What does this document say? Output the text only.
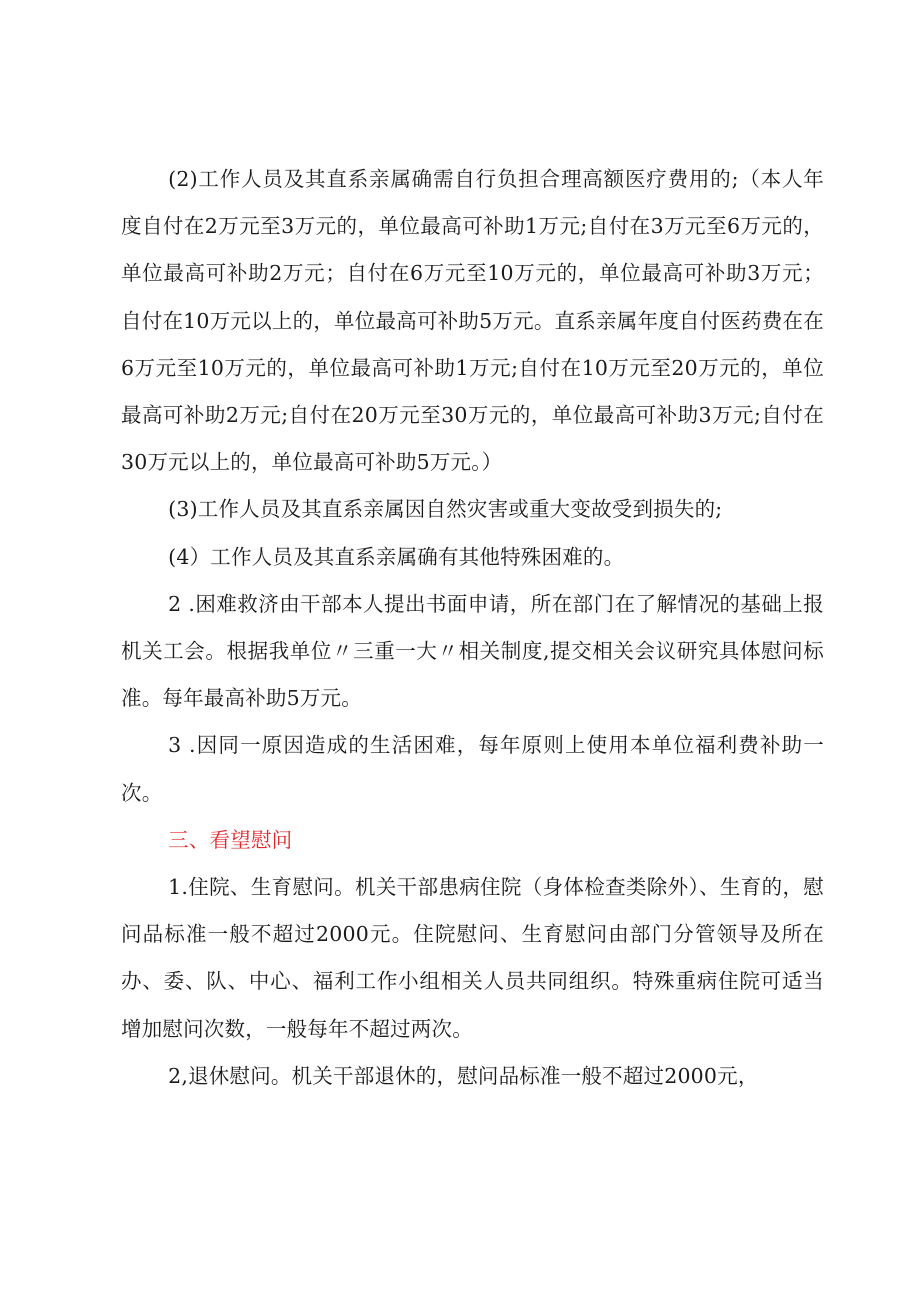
(2)工作人员及其直系亲属确需自行负担合理高额医疗费用的;（本人年度自付在2万元至3万元的，单位最高可补助1万元;自付在3万元至6万元的，单位最高可补助2万元；自付在6万元至10万元的，单位最高可补助3万元；自付在10万元以上的，单位最高可补助5万元。直系亲属年度自付医药费在在6万元至10万元的，单位最高可补助1万元;自付在10万元至20万元的，单位最高可补助2万元;自付在20万元至30万元的，单位最高可补助3万元;自付在30万元以上的，单位最高可补助5万元。）

(3)工作人员及其直系亲属因自然灾害或重大变故受到损失的;

(4）工作人员及其直系亲属确有其他特殊困难的。

2 .困难救济由干部本人提出书面申请，所在部门在了解情况的基础上报机关工会。根据我单位〃三重一大〃相关制度,提交相关会议研究具体慰问标准。每年最高补助5万元。

3 .因同一原因造成的生活困难，每年原则上使用本单位福利费补助一次。

三、看望慰问

1.住院、生育慰问。机关干部患病住院（身体检查类除外）、生育的，慰问品标准一般不超过2000元。住院慰问、生育慰问由部门分管领导及所在办、委、队、中心、福利工作小组相关人员共同组织。特殊重病住院可适当增加慰问次数，一般每年不超过两次。

2,退休慰问。机关干部退休的，慰问品标准一般不超过2000元，
